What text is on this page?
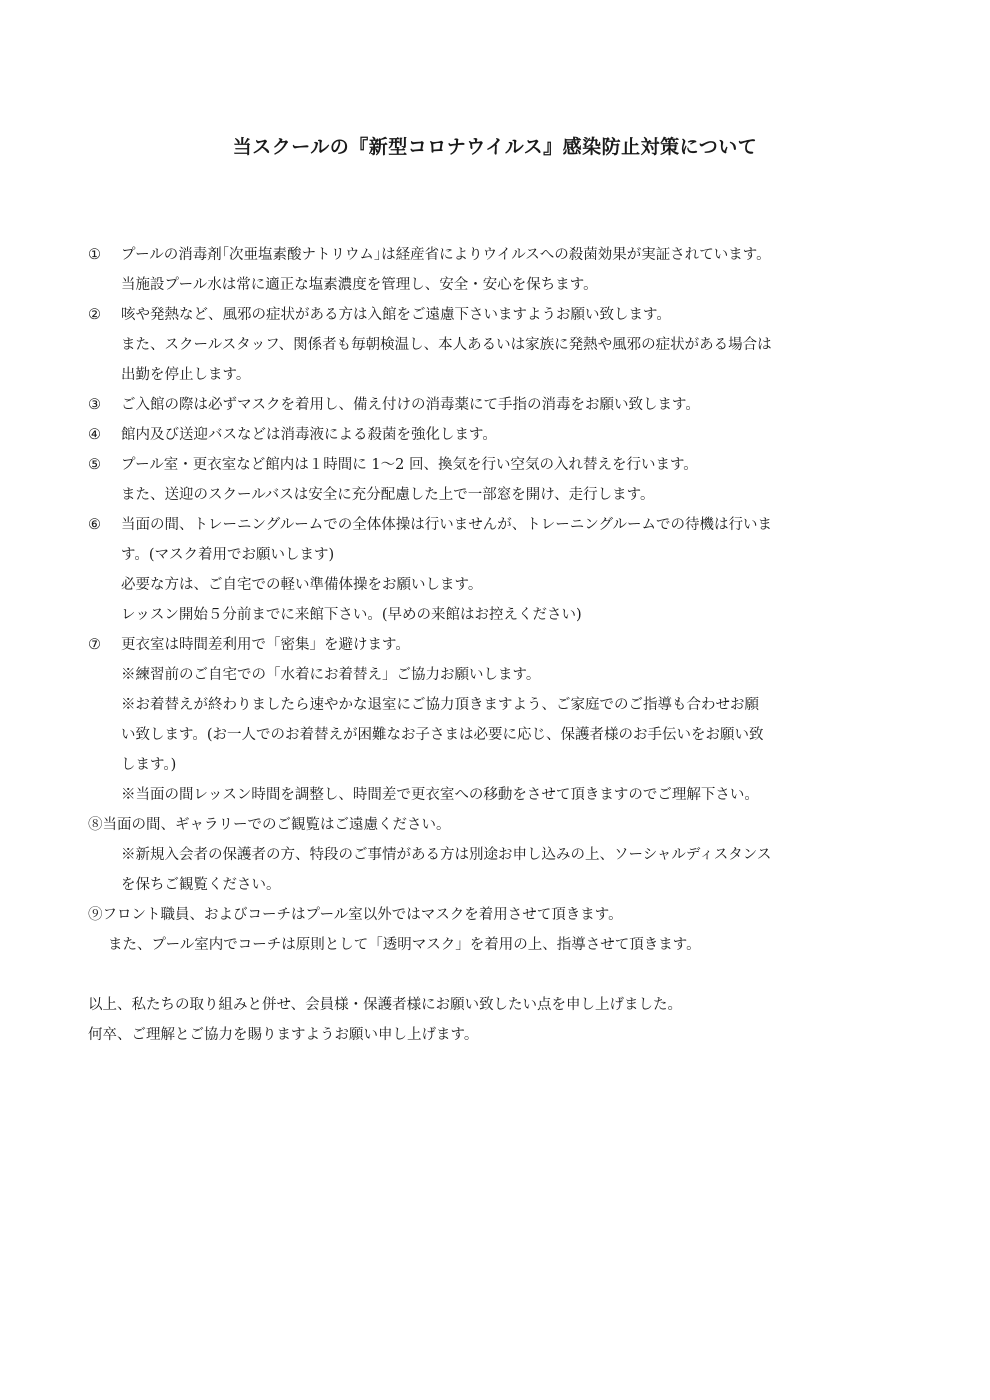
当スクールの『新型コロナウイルス』感染防止対策について
① プールの消毒剤｢次亜塩素酸ナトリウム｣は経産省によりウイルスへの殺菌効果が実証されています。
当施設プール水は常に適正な塩素濃度を管理し、安全・安心を保ちます。
② 咳や発熱など、風邪の症状がある方は入館をご遠慮下さいますようお願い致します。
また、スクールスタッフ、関係者も毎朝検温し、本人あるいは家族に発熱や風邪の症状がある場合は
出勤を停止します。
③ ご入館の際は必ずマスクを着用し、備え付けの消毒薬にて手指の消毒をお願い致します。
④ 館内及び送迎バスなどは消毒液による殺菌を強化します。
⑤ プール室・更衣室など館内は１時間に 1～2 回、換気を行い空気の入れ替えを行います。
また、送迎のスクールバスは安全に充分配慮した上で一部窓を開け、走行します。
⑥ 当面の間、トレーニングルームでの全体体操は行いませんが、トレーニングルームでの待機は行いま
す。(マスク着用でお願いします)
必要な方は、ご自宅での軽い準備体操をお願いします。
レッスン開始５分前までに来館下さい。(早めの来館はお控えください)
⑦ 更衣室は時間差利用で「密集」を避けます。
※練習前のご自宅での「水着にお着替え」ご協力お願いします。
※お着替えが終わりましたら速やかな退室にご協力頂きますよう、ご家庭でのご指導も合わせお願
い致します。(お一人でのお着替えが困難なお子さまは必要に応じ、保護者様のお手伝いをお願い致
します。)
※当面の間レッスン時間を調整し、時間差で更衣室への移動をさせて頂きますのでご理解下さい。
⑧当面の間、ギャラリーでのご観覧はご遠慮ください。
※新規入会者の保護者の方、特段のご事情がある方は別途お申し込みの上、ソーシャルディスタンス
を保ちご観覧ください。
⑨フロント職員、およびコーチはプール室以外ではマスクを着用させて頂きます。
また、プール室内でコーチは原則として「透明マスク」を着用の上、指導させて頂きます。
以上、私たちの取り組みと併せ、会員様・保護者様にお願い致したい点を申し上げました。
何卒、ご理解とご協力を賜りますようお願い申し上げます。
